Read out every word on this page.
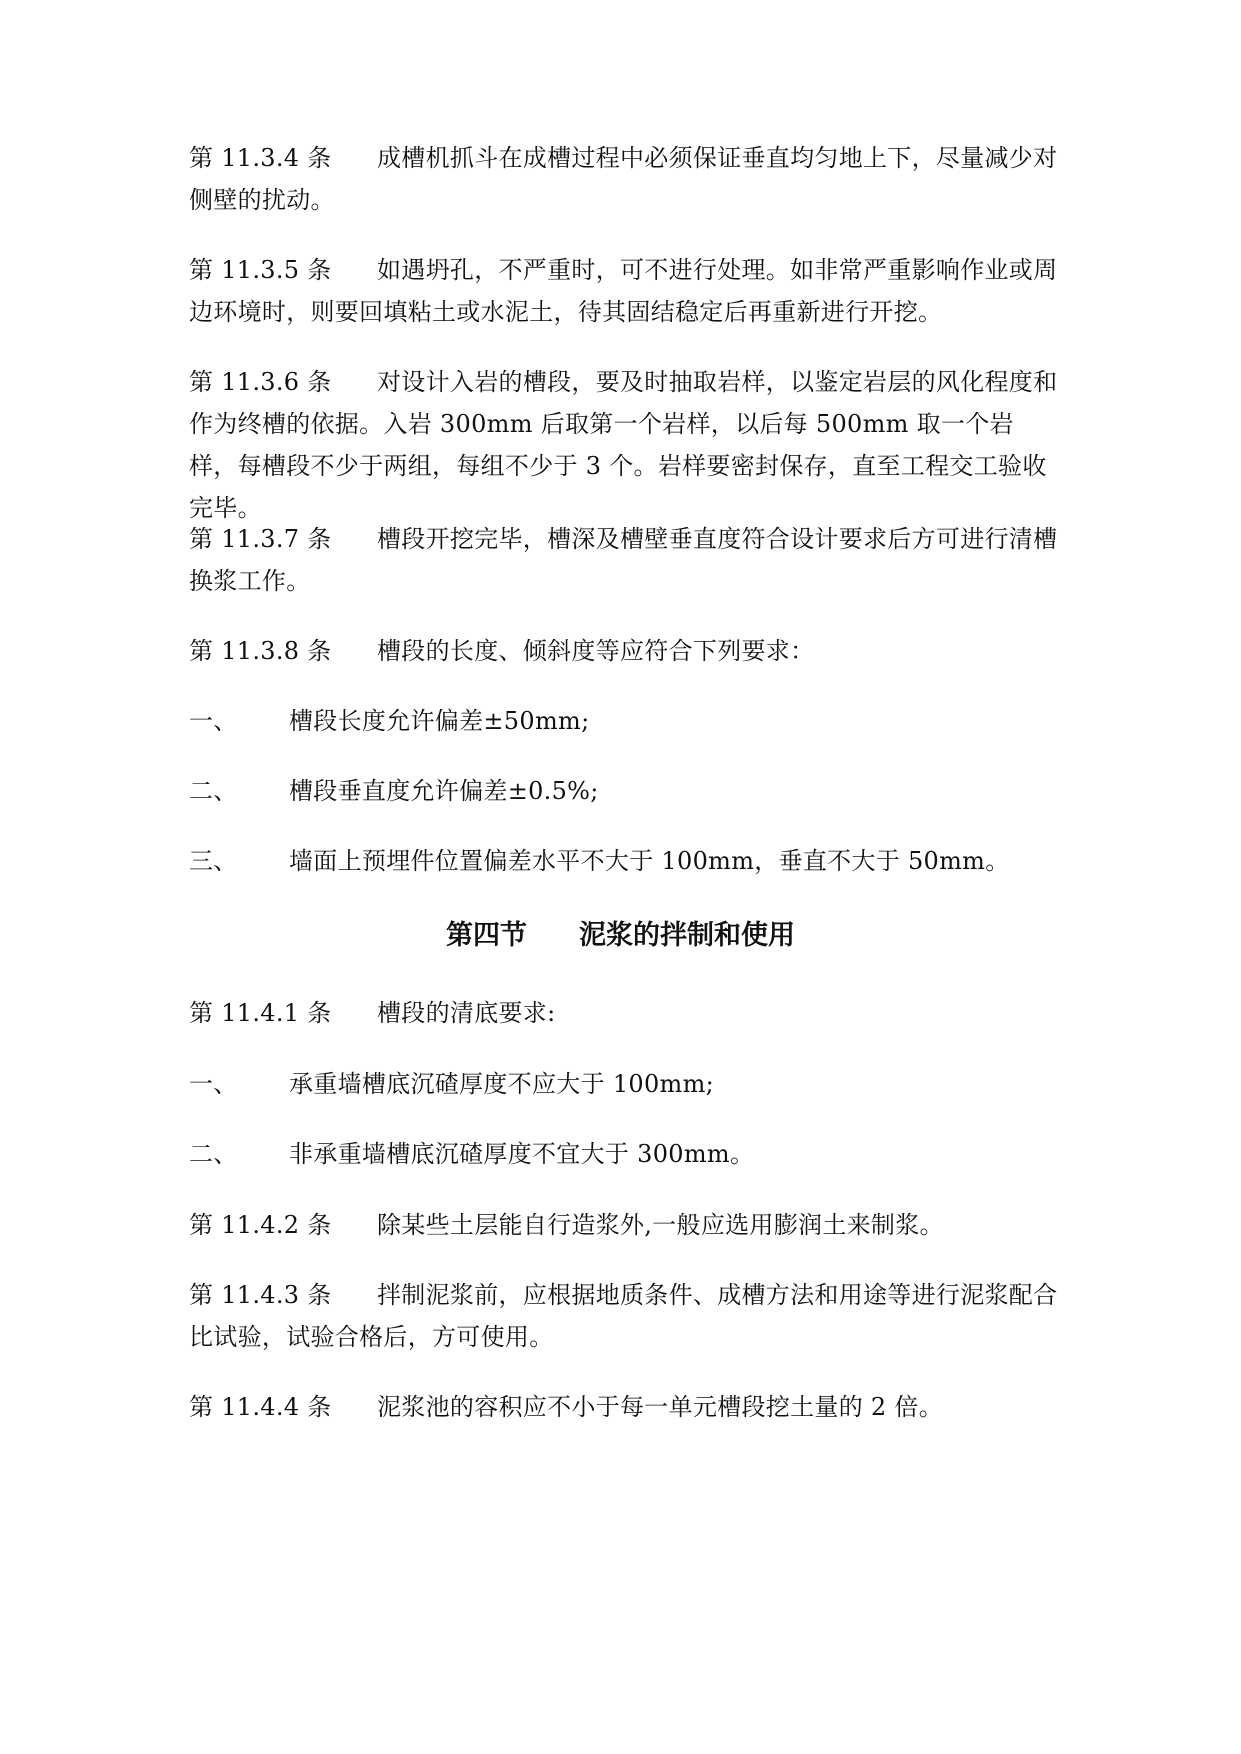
第 11.3.4 条 成槽机抓斗在成槽过程中必须保证垂直均匀地上下，尽量减少对侧壁的扰动。

第 11.3.5 条 如遇坍孔，不严重时，可不进行处理。如非常严重影响作业或周边环境时，则要回填粘土或水泥土，待其固结稳定后再重新进行开挖。

第 11.3.6 条 对设计入岩的槽段，要及时抽取岩样，以鉴定岩层的风化程度和作为终槽的依据。入岩 300mm 后取第一个岩样，以后每 500mm 取一个岩样，每槽段不少于两组，每组不少于 3 个。岩样要密封保存，直至工程交工验收完毕。

第 11.3.7 条 槽段开挖完毕，槽深及槽壁垂直度符合设计要求后方可进行清槽换浆工作。

第 11.3.8 条 槽段的长度、倾斜度等应符合下列要求：

一、 槽段长度允许偏差±50mm;

二、 槽段垂直度允许偏差±0.5%;

三、 墙面上预埋件位置偏差水平不大于 100mm，垂直不大于 50mm。

第四节 泥浆的拌制和使用

第 11.4.1 条 槽段的清底要求:

一、 承重墙槽底沉碴厚度不应大于 100mm;

二、 非承重墙槽底沉碴厚度不宜大于 300mm。

第 11.4.2 条 除某些土层能自行造浆外,一般应选用膨润土来制浆。

第 11.4.3 条 拌制泥浆前，应根据地质条件、成槽方法和用途等进行泥浆配合比试验，试验合格后，方可使用。

第 11.4.4 条 泥浆池的容积应不小于每一单元槽段挖土量的 2 倍。
